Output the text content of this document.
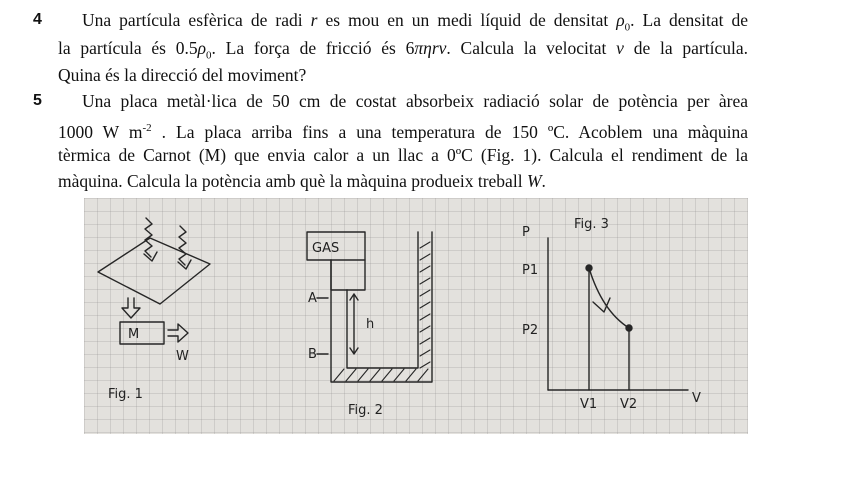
4 Una partícula esfèrica de radi r es mou en un medi líquid de densitat $\rho_0$. La densitat de
la partícula és $0.5\rho_0$. La força de fricció és 6πηrv. Calcula la velocitat v de la partícula.
Quina és la direcció del moviment?
5 Una placa metàl·lica de 50 cm de costat absorbeix radiació solar de potència per àrea
1000 W $m^{-2}$ . La placa arriba fins a una temperatura de 150 ºC. Acoblem una màquina
tèrmica de Carnot (M) que envia calor a un llac a 0ºC (Fig. 1). Calcula el rendiment de la
màquina. Calcula la potència amb què la màquina produeix treball W.
M
W
Fig. 1
GAS
A
B
h
Fig. 2
Fig. 3
P
P1
P2
V1 V2	V
